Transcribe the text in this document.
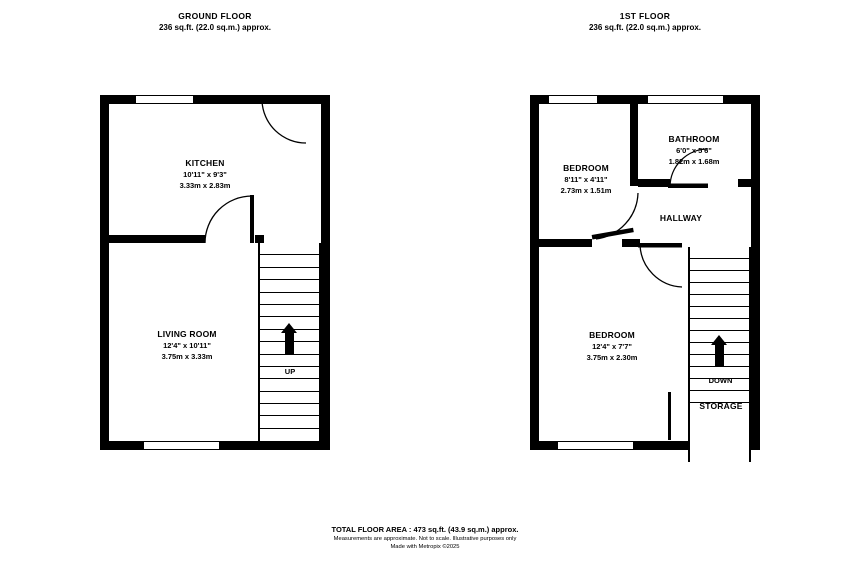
GROUND FLOOR
236 sq.ft. (22.0 sq.m.) approx.
1ST FLOOR
236 sq.ft. (22.0 sq.m.) approx.
UP
KITCHEN
10'11" x 9'3"
3.33m x 2.83m
LIVING ROOM
12'4" x 10'11"
3.75m x 3.33m
DOWN
STORAGE
HALLWAY
BATHROOM
6'0" x 5'6"
1.82m x 1.68m
BEDROOM
8'11" x 4'11"
2.73m x 1.51m
BEDROOM
12'4" x 7'7"
3.75m x 2.30m
TOTAL FLOOR AREA : 473 sq.ft. (43.9 sq.m.) approx.
Measurements are approximate. Not to scale. Illustrative purposes only
Made with Metropix ©2025
